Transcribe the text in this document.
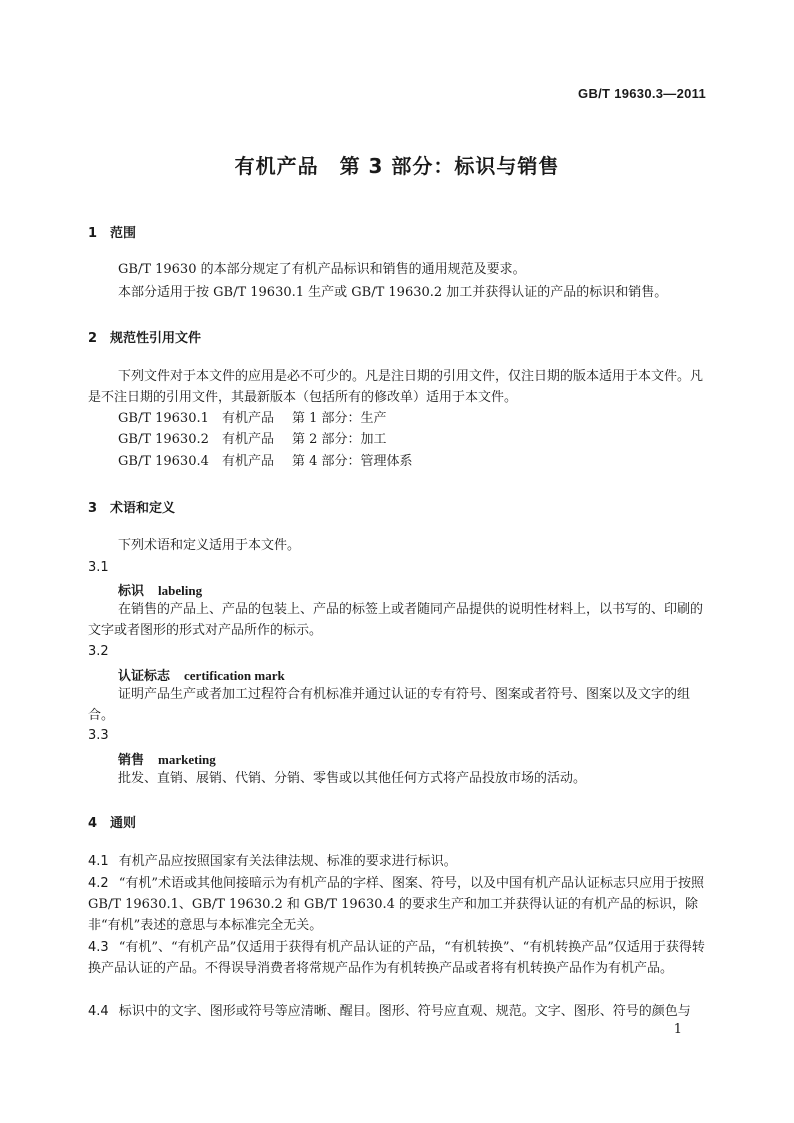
GB/T 19630.3—2011
有机产品　第 3 部分：标识与销售
1 范围
GB/T 19630 的本部分规定了有机产品标识和销售的通用规范及要求。
本部分适用于按 GB/T 19630.1 生产或 GB/T 19630.2 加工并获得认证的产品的标识和销售。
2 规范性引用文件
下列文件对于本文件的应用是必不可少的。凡是注日期的引用文件，仅注日期的版本适用于本文件。凡是不注日期的引用文件，其最新版本（包括所有的修改单）适用于本文件。
GB/T 19630.1 有机产品 第 1 部分：生产
GB/T 19630.2 有机产品 第 2 部分：加工
GB/T 19630.4 有机产品 第 4 部分：管理体系
3 术语和定义
下列术语和定义适用于本文件。
3.1
标识 labeling
在销售的产品上、产品的包装上、产品的标签上或者随同产品提供的说明性材料上，以书写的、印刷的文字或者图形的形式对产品所作的标示。
3.2
认证标志 certification mark
证明产品生产或者加工过程符合有机标准并通过认证的专有符号、图案或者符号、图案以及文字的组合。
3.3
销售 marketing
批发、直销、展销、代销、分销、零售或以其他任何方式将产品投放市场的活动。
4 通则
4.1 有机产品应按照国家有关法律法规、标准的要求进行标识。
4.2 “有机”术语或其他间接暗示为有机产品的字样、图案、符号，以及中国有机产品认证标志只应用于按照 GB/T 19630.1、GB/T 19630.2 和 GB/T 19630.4 的要求生产和加工并获得认证的有机产品的标识，除非“有机”表述的意思与本标准完全无关。
4.3 “有机”、“有机产品”仅适用于获得有机产品认证的产品，“有机转换”、“有机转换产品”仅适用于获得转换产品认证的产品。不得误导消费者将常规产品作为有机转换产品或者将有机转换产品作为有机产品。
4.4 标识中的文字、图形或符号等应清晰、醒目。图形、符号应直观、规范。文字、图形、符号的颜色与
1
